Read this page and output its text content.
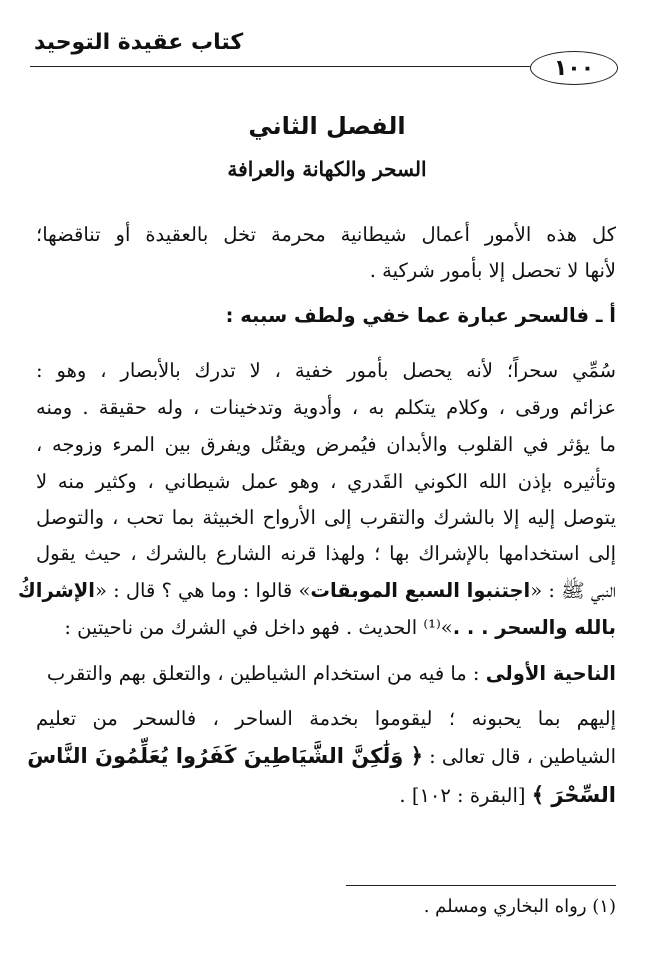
كتاب عقيدة التوحيد
١٠٠
الفصل الثاني
السحر والكهانة والعرافة
كل هذه الأمور أعمال شيطانية محرمة تخل بالعقيدة أو تناقضها؛
لأنها لا تحصل إلا بأمور شركية .
أ ـ فالسحر عبارة عما خفي ولطف سببه :
سُمِّي سحراً؛ لأنه يحصل بأمور خفية ، لا تدرك بالأبصار ، وهو :
عزائم ورقى ، وكلام يتكلم به ، وأدوية وتدخينات ، وله حقيقة . ومنه
ما يؤثر في القلوب والأبدان فيُمرض ويقتُل ويفرق بين المرء وزوجه ،
وتأثيره بإذن الله الكوني القَدري ، وهو عمل شيطاني ، وكثير منه لا
يتوصل إليه إلا بالشرك والتقرب إلى الأرواح الخبيثة بما تحب ، والتوصل
إلى استخدامها بالإشراك بها ؛ ولهذا قرنه الشارع بالشرك ، حيث يقول
النبي ﷺ : «اجتنبوا السبع الموبقات» قالوا : وما هي ؟ قال : «الإشراكُ
بالله والسحر . . .»⁽¹⁾ الحديث . فهو داخل في الشرك من ناحيتين :
الناحية الأولى : ما فيه من استخدام الشياطين ، والتعلق بهم والتقرب
إليهم بما يحبونه ؛ ليقوموا بخدمة الساحر ، فالسحر من تعليم
الشياطين ، قال تعالى : ﴿ وَلَٰكِنَّ الشَّيَاطِينَ كَفَرُوا يُعَلِّمُونَ النَّاسَ
السِّحْرَ ﴾ [البقرة : ١٠٢] .
(١) رواه البخاري ومسلم .
